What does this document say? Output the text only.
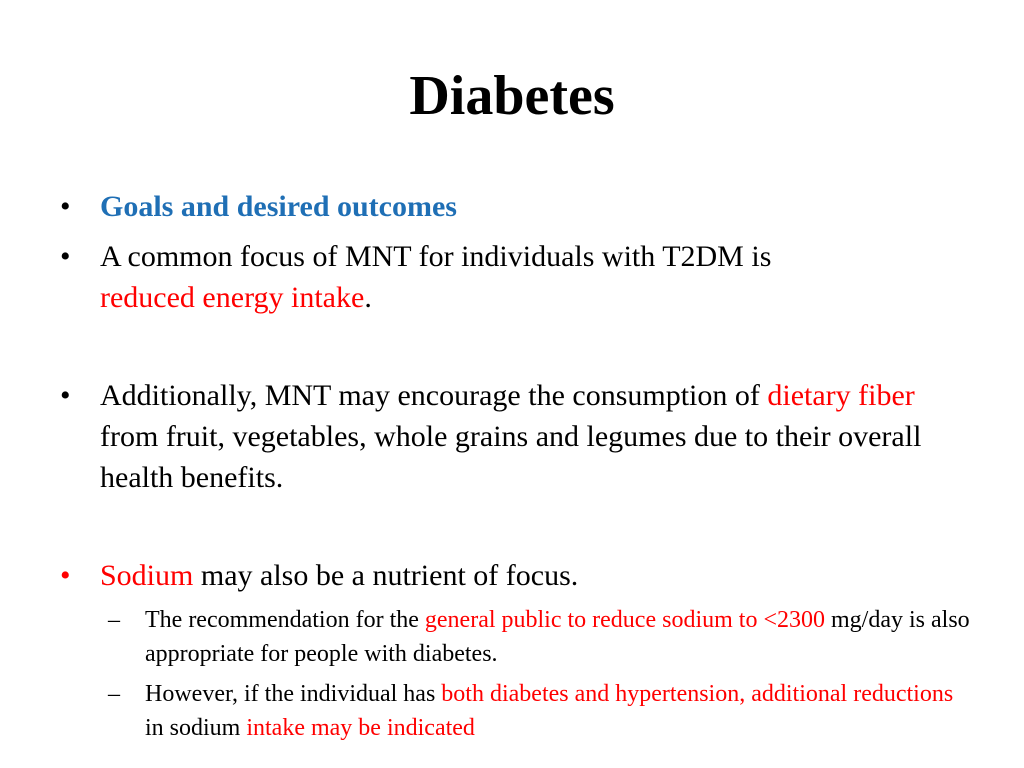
Diabetes
• Goals and desired outcomes
• A common focus of MNT for individuals with T2DM is
reduced energy intake.
• Additionally, MNT may encourage the consumption of dietary fiber from fruit, vegetables, whole grains and legumes due to their overall health benefits.
• Sodium may also be a nutrient of focus.
– The recommendation for the general public to reduce sodium to <2300 mg/day is also appropriate for people with diabetes.
– However, if the individual has both diabetes and hypertension, additional reductions in sodium intake may be indicated
